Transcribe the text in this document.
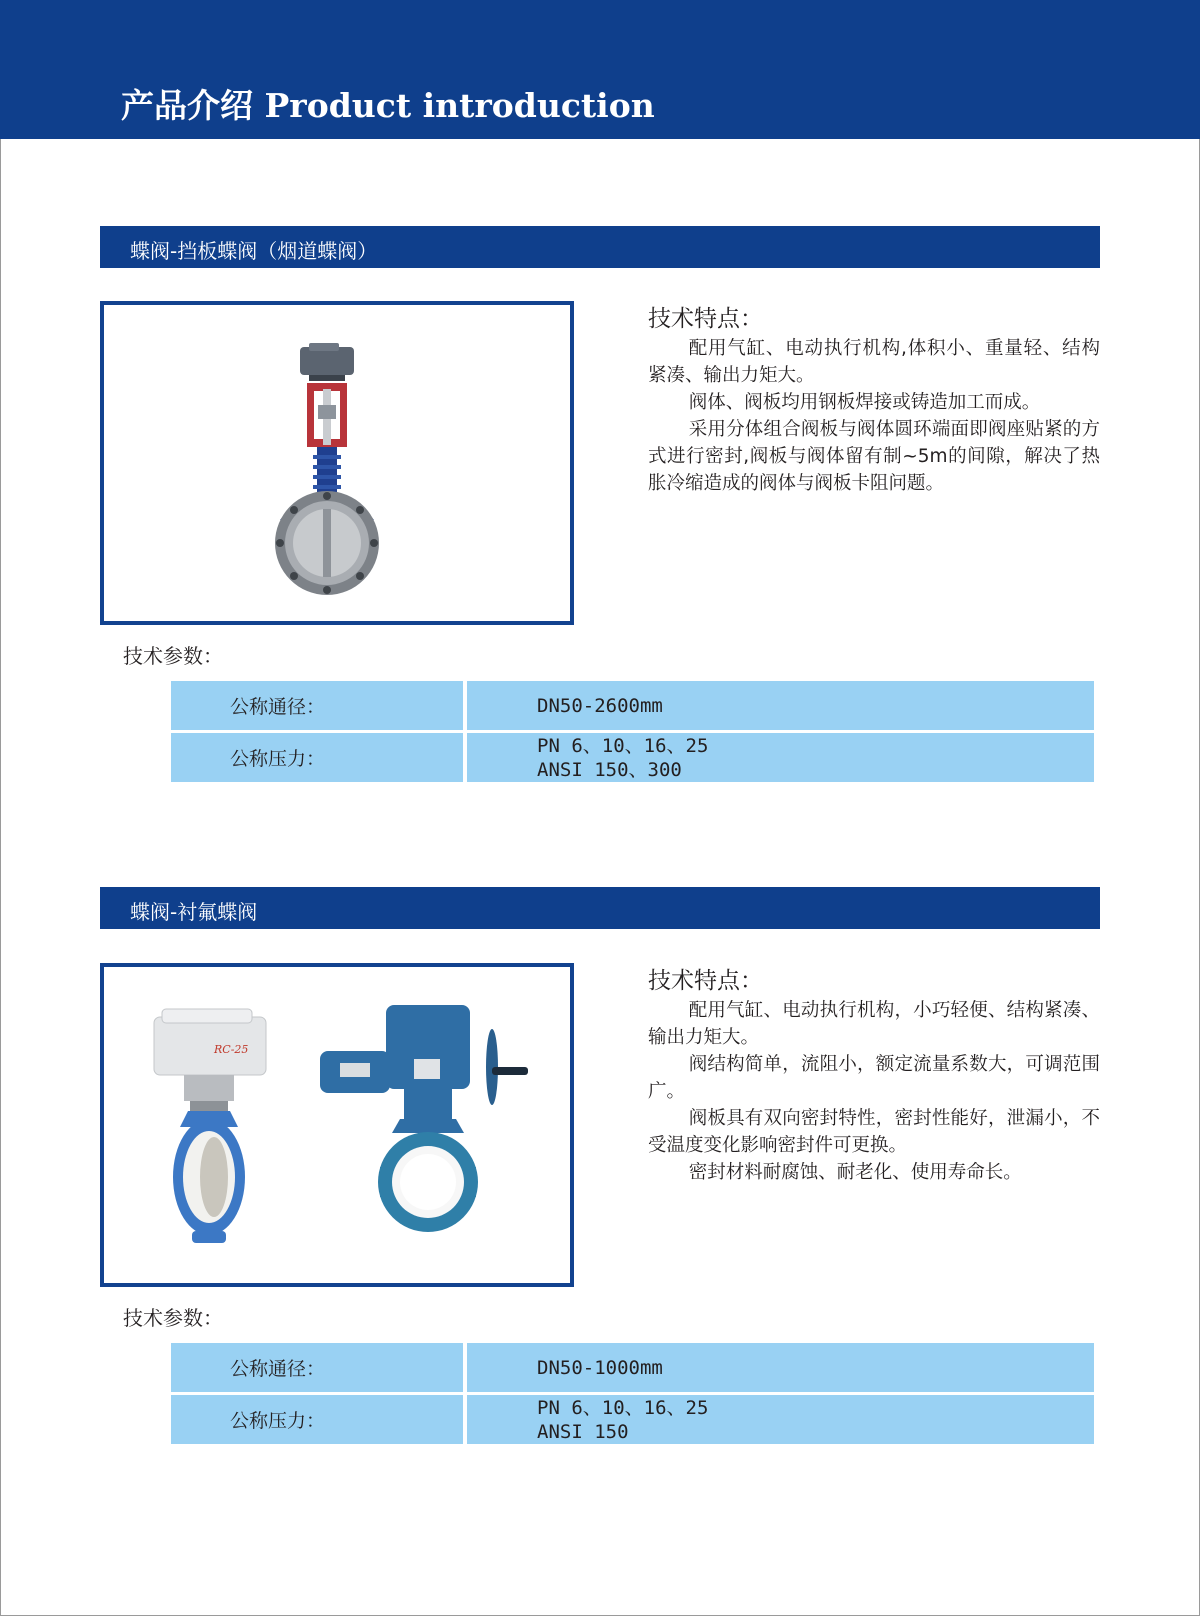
产品介绍 Product introduction
蝶阀-挡板蝶阀（烟道蝶阀）
技术特点：

配用气缸、电动执行机构,体积小、重量轻、结构紧凑、输出力矩大。

阀体、阀板均用钢板焊接或铸造加工而成。

采用分体组合阀板与阀体圆环端面即阀座贴紧的方式进行密封,阀板与阀体留有制~5m的间隙，解决了热胀冷缩造成的阀体与阀板卡阻问题。

技术参数：
公称通径：	DN50-2600mm
公称压力：
PN 6、10、16、25
ANSI 150、300
蝶阀-衬氟蝶阀
RC-25
技术特点：

配用气缸、电动执行机构，小巧轻便、结构紧凑、输出力矩大。

阀结构简单，流阻小，额定流量系数大，可调范围广。

阀板具有双向密封特性，密封性能好，泄漏小，不受温度变化影响密封件可更换。

密封材料耐腐蚀、耐老化、使用寿命长。

技术参数：
公称通径：	DN50-1000mm
公称压力：
PN 6、10、16、25
ANSI 150
